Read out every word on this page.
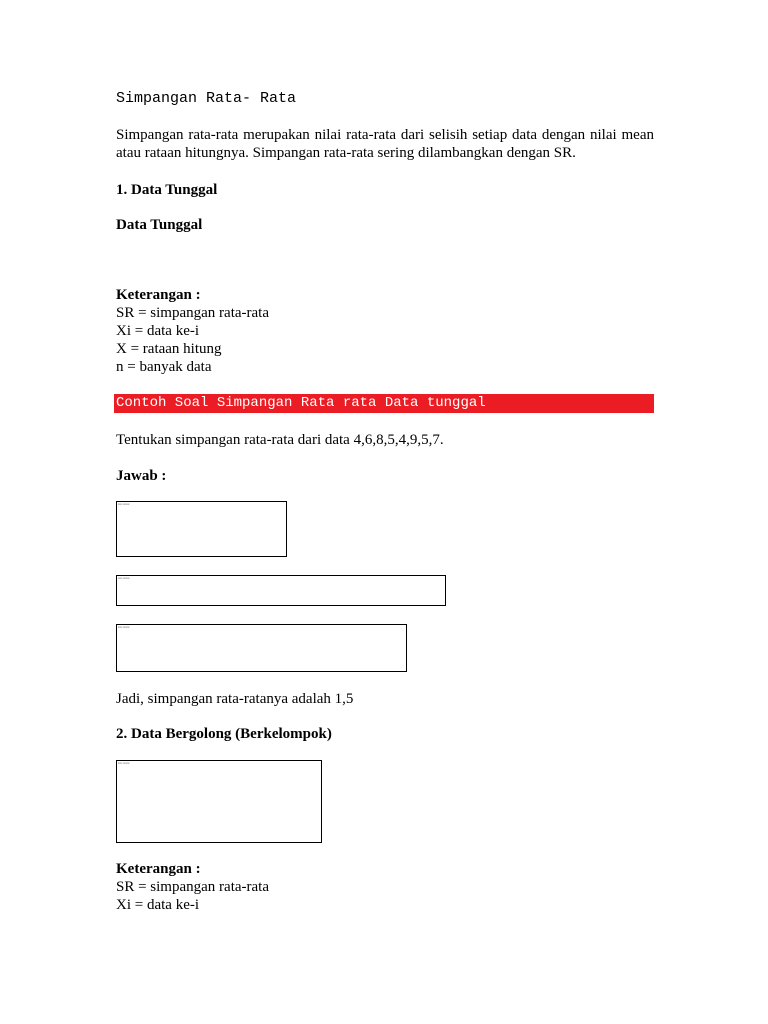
Simpangan Rata- Rata
Simpangan rata-rata merupakan nilai rata-rata dari selisih setiap data dengan nilai mean atau rataan hitungnya. Simpangan rata-rata sering dilambangkan dengan SR.
1. Data Tunggal
Data Tunggal
Keterangan :
SR = simpangan rata-rata
Xi = data ke-i
X = rataan hitung
n = banyak data
Contoh Soal Simpangan Rata rata Data tunggal
Tentukan simpangan rata-rata dari data 4,6,8,5,4,9,5,7.
Jawab :
▪▪▪▪ ▪▪▪▪▪▪
▪▪▪▪ ▪▪▪▪▪▪
▪▪▪▪ ▪▪▪▪▪▪
Jadi, simpangan rata-ratanya adalah 1,5
2. Data Bergolong (Berkelompok)
▪▪▪▪ ▪▪▪▪▪▪
Keterangan :
SR = simpangan rata-rata
Xi = data ke-i
